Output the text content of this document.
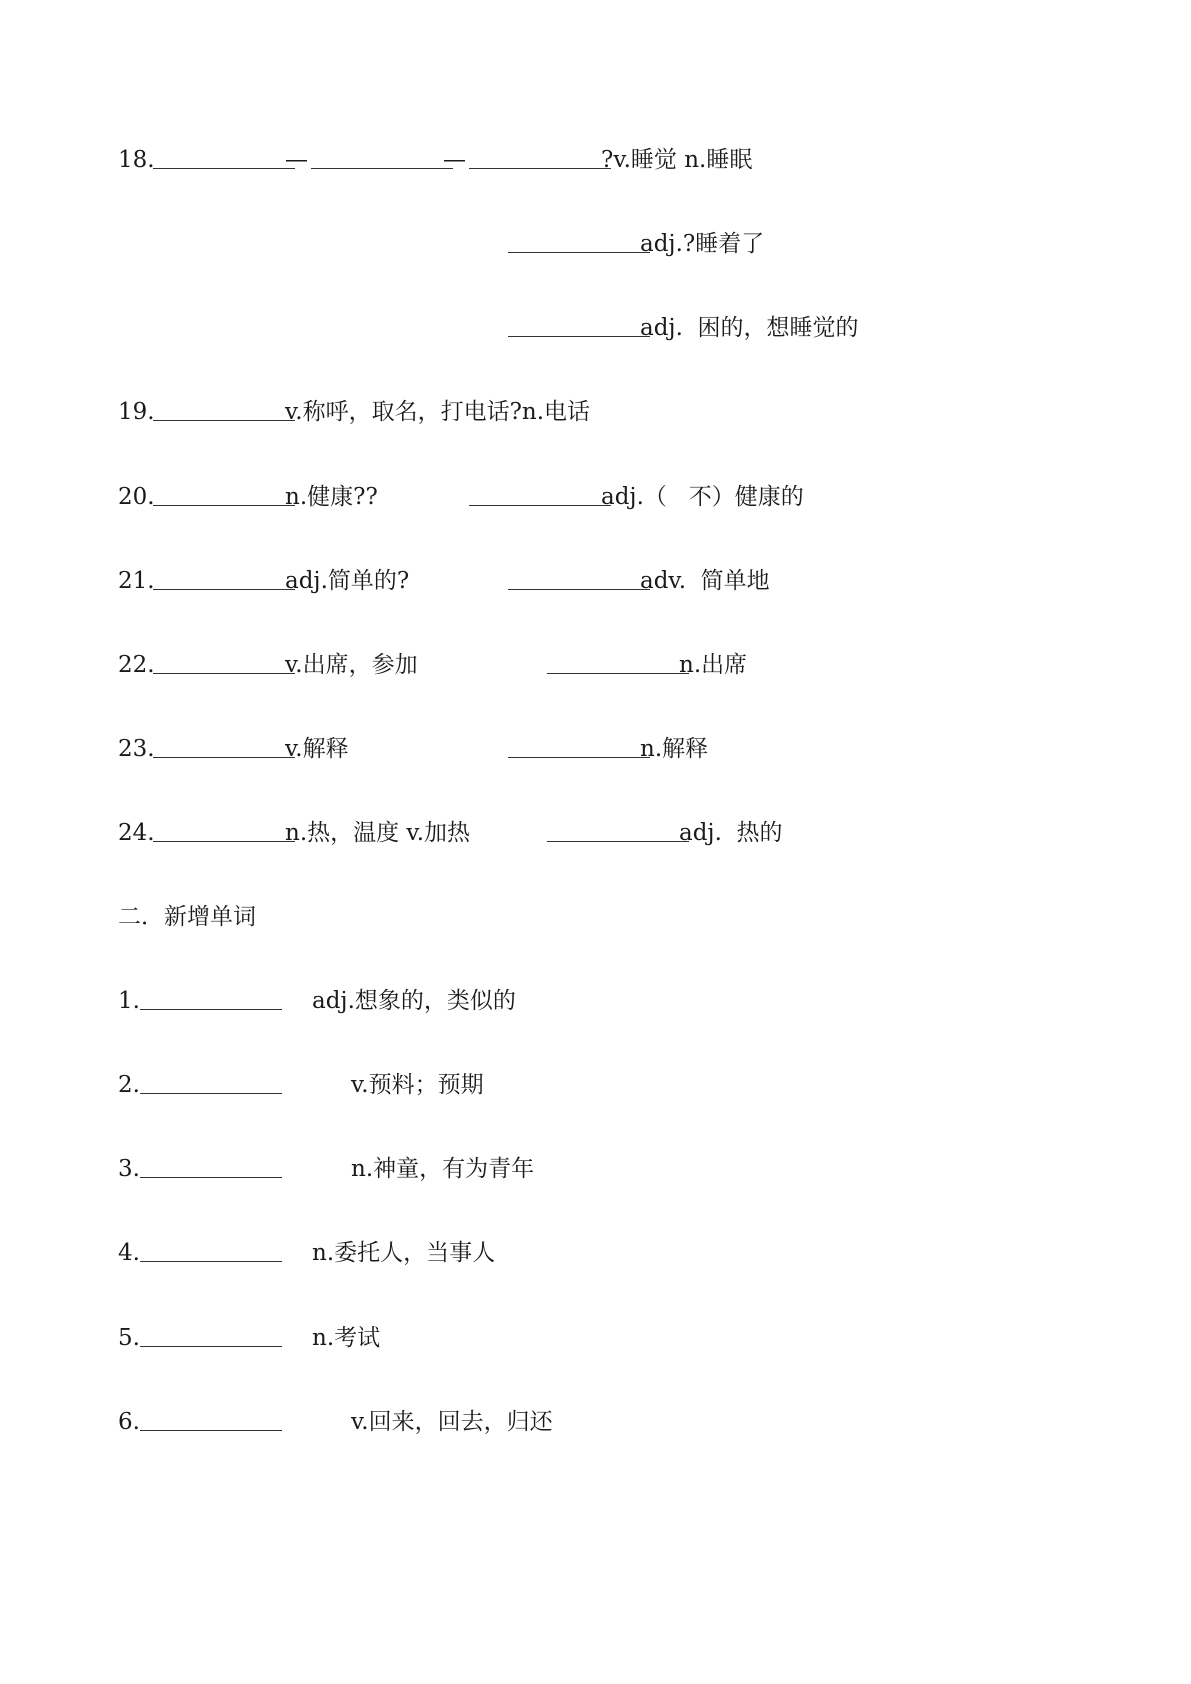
18.	—	—	?v.睡觉 n.睡眠
adj.?睡着了
adj.  困的，想睡觉的
19.	v.称呼，取名，打电话?n.电话
20.	n.健康??	adj.（   不）健康的
21.	adj.简单的?	adv.  简单地
22.	v.出席，参加	n.出席
23.	v.解释	n.解释
24.	n.热，温度 v.加热	adj.  热的
二．新增单词
1.	adj.想象的，类似的
2.	v.预料；预期
3.	n.神童，有为青年
4.	n.委托人，当事人
5.	n.考试
6.	v.回来，回去，归还
